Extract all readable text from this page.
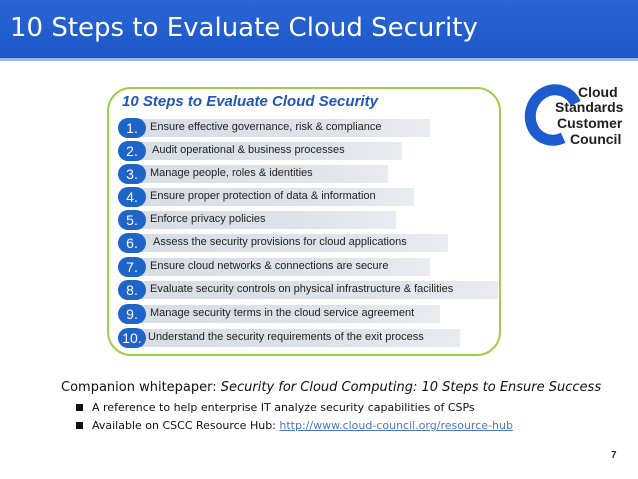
10 Steps to Evaluate Cloud Security
10 Steps to Evaluate Cloud Security
1.	Ensure effective governance, risk & compliance
2.	Audit operational & business processes
3.	Manage people, roles & identities
4.	Ensure proper protection of data & information
5.	Enforce privacy policies
6.	Assess the security provisions for cloud applications
7.	Ensure cloud networks & connections are secure
8.	Evaluate security controls on physical infrastructure & facilities
9.	Manage security terms in the cloud service agreement
10. Understand the security requirements of the exit process
Cloud
Standards
Customer
Council
Companion whitepaper: Security for Cloud Computing: 10 Steps to Ensure Success
A reference to help enterprise IT analyze security capabilities of CSPs
Available on CSCC Resource Hub: http://www.cloud-council.org/resource-hub
7
